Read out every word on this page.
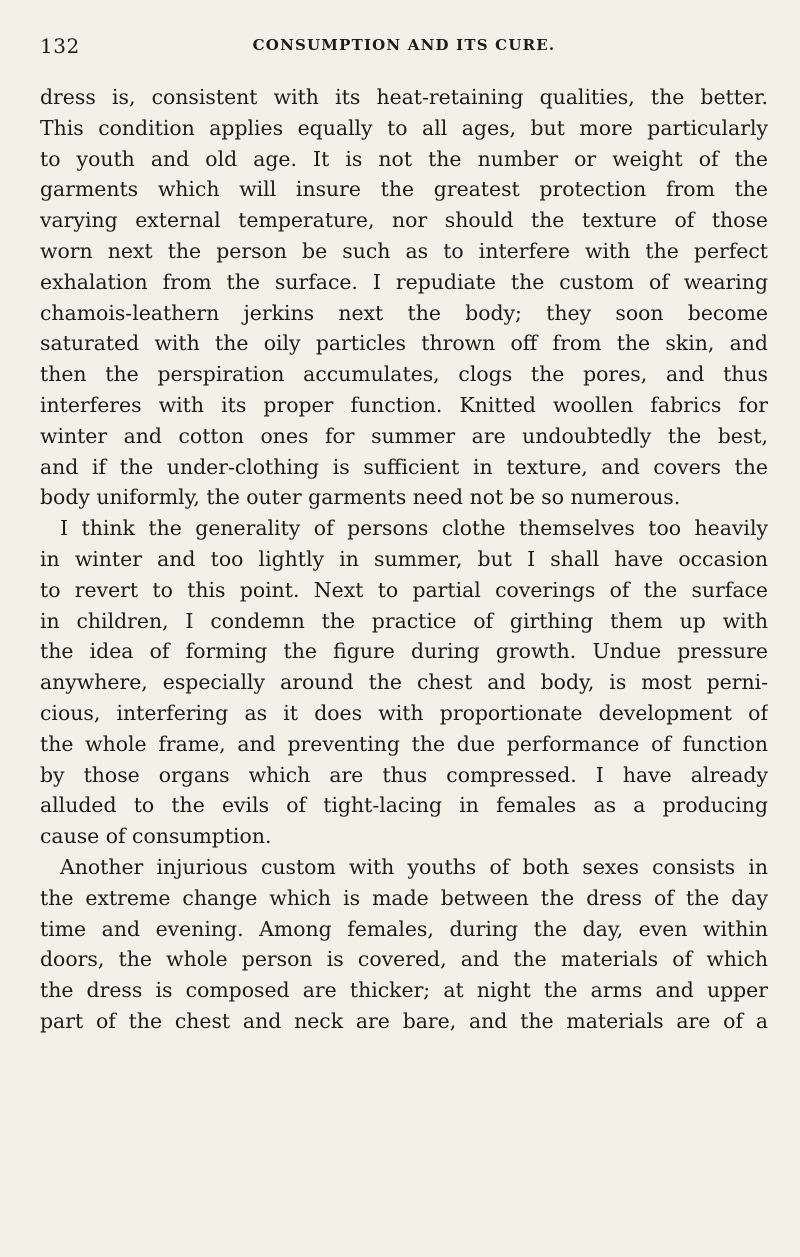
132	CONSUMPTION AND ITS CURE.
dress is, consistent with its heat-retaining qualities, the better.
This condition applies equally to all ages, but more particularly
to youth and old age. It is not the number or weight of the
garments which will insure the greatest protection from the
varying external temperature, nor should the texture of those
worn next the person be such as to interfere with the perfect
exhalation from the surface. I repudiate the custom of wearing
chamois-leathern jerkins next the body; they soon become
saturated with the oily particles thrown off from the skin, and
then the perspiration accumulates, clogs the pores, and thus
interferes with its proper function. Knitted woollen fabrics for
winter and cotton ones for summer are undoubtedly the best,
and if the under-clothing is sufficient in texture, and covers the
body uniformly, the outer garments need not be so numerous.
I think the generality of persons clothe themselves too heavily
in winter and too lightly in summer, but I shall have occasion
to revert to this point. Next to partial coverings of the surface
in children, I condemn the practice of girthing them up with
the idea of forming the figure during growth. Undue pressure
anywhere, especially around the chest and body, is most perni-
cious, interfering as it does with proportionate development of
the whole frame, and preventing the due performance of function
by those organs which are thus compressed. I have already
alluded to the evils of tight-lacing in females as a producing
cause of consumption.
Another injurious custom with youths of both sexes consists in
the extreme change which is made between the dress of the day
time and evening. Among females, during the day, even within
doors, the whole person is covered, and the materials of which
the dress is composed are thicker; at night the arms and upper
part of the chest and neck are bare, and the materials are of a
